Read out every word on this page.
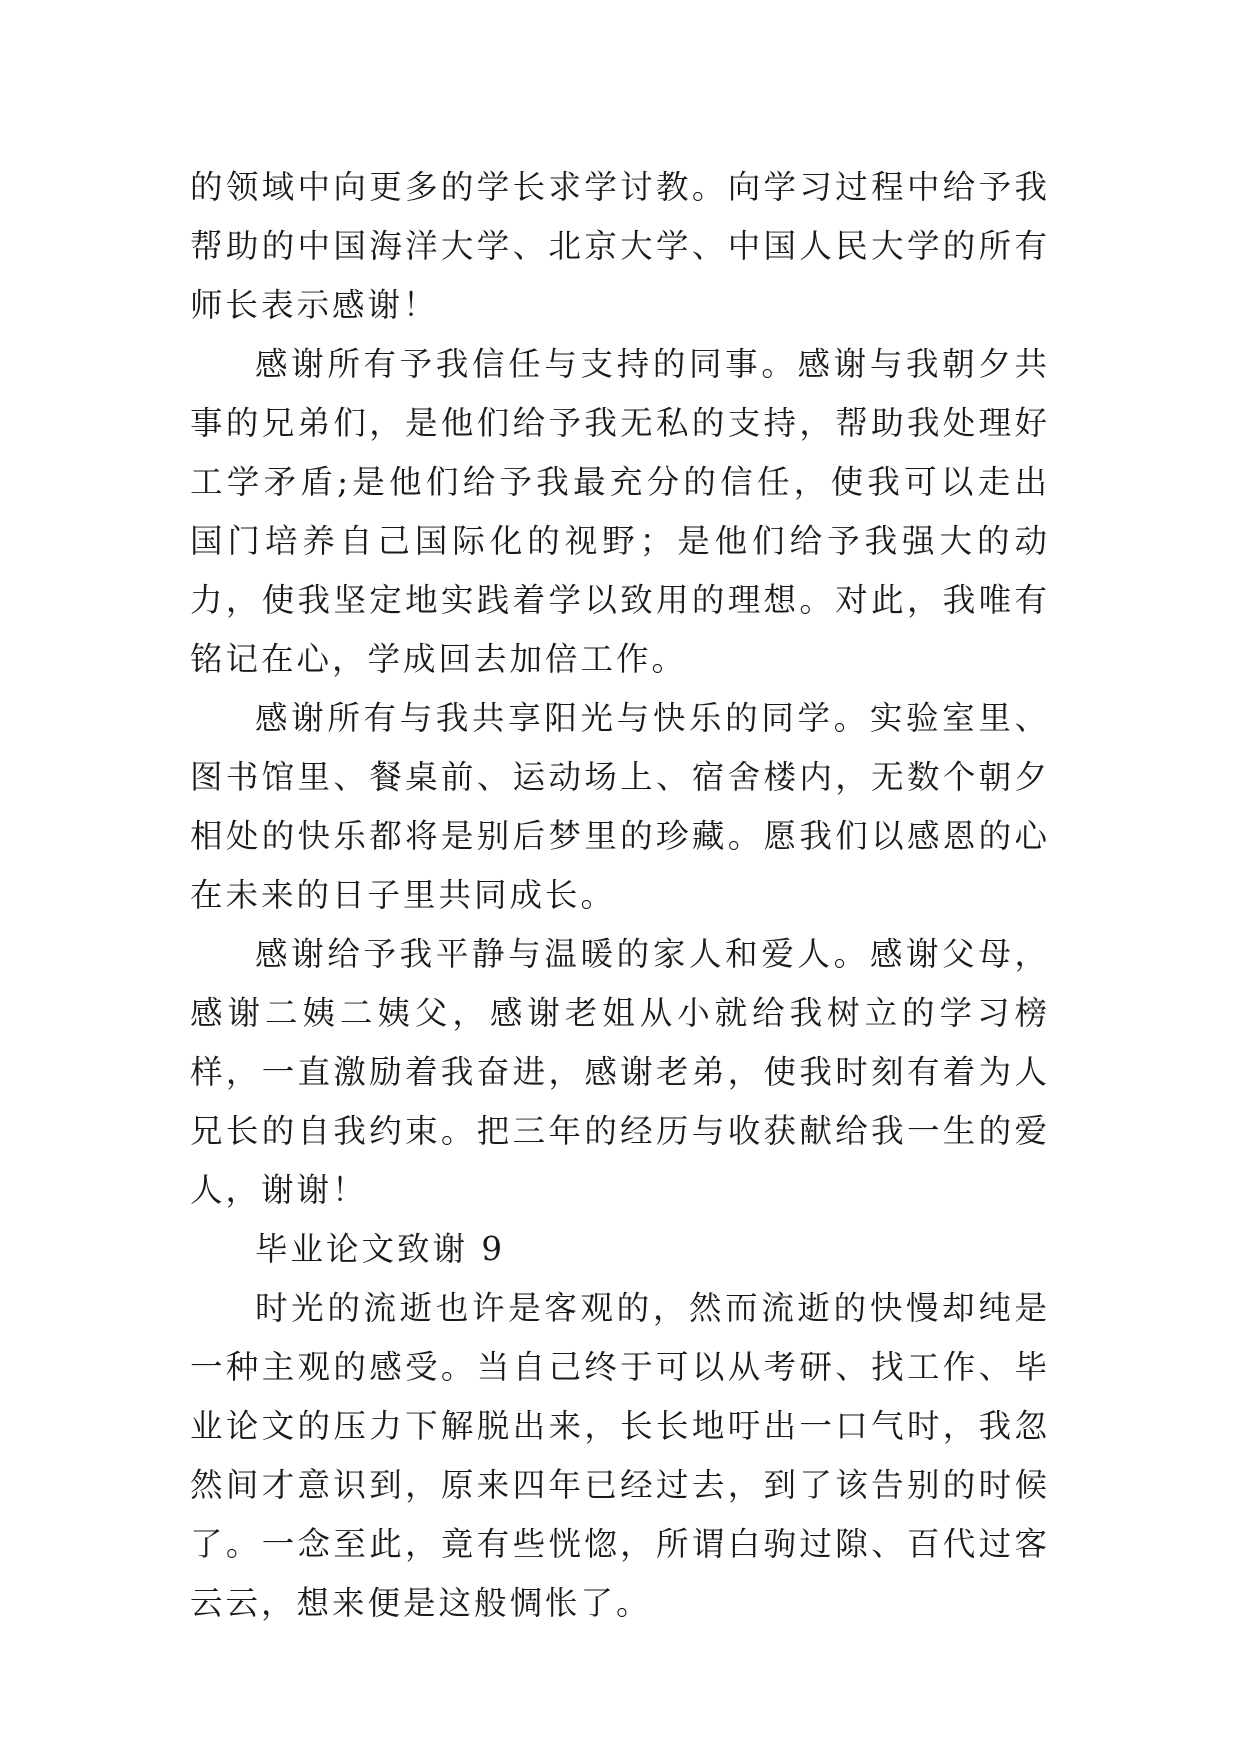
的领域中向更多的学长求学讨教。向学习过程中给予我帮助的中国海洋大学、北京大学、中国人民大学的所有师长表示感谢！

感谢所有予我信任与支持的同事。感谢与我朝夕共事的兄弟们，是他们给予我无私的支持，帮助我处理好工学矛盾;是他们给予我最充分的信任，使我可以走出国门培养自己国际化的视野；是他们给予我强大的动力，使我坚定地实践着学以致用的理想。对此，我唯有铭记在心，学成回去加倍工作。

感谢所有与我共享阳光与快乐的同学。实验室里、图书馆里、餐桌前、运动场上、宿舍楼内，无数个朝夕相处的快乐都将是别后梦里的珍藏。愿我们以感恩的心在未来的日子里共同成长。

感谢给予我平静与温暖的家人和爱人。感谢父母，感谢二姨二姨父，感谢老姐从小就给我树立的学习榜样，一直激励着我奋进，感谢老弟，使我时刻有着为人兄长的自我约束。把三年的经历与收获献给我一生的爱人，谢谢！

毕业论文致谢 9

时光的流逝也许是客观的，然而流逝的快慢却纯是一种主观的感受。当自己终于可以从考研、找工作、毕业论文的压力下解脱出来，长长地吁出一口气时，我忽然间才意识到，原来四年已经过去，到了该告别的时候了。一念至此，竟有些恍惚，所谓白驹过隙、百代过客云云，想来便是这般惆怅了。
